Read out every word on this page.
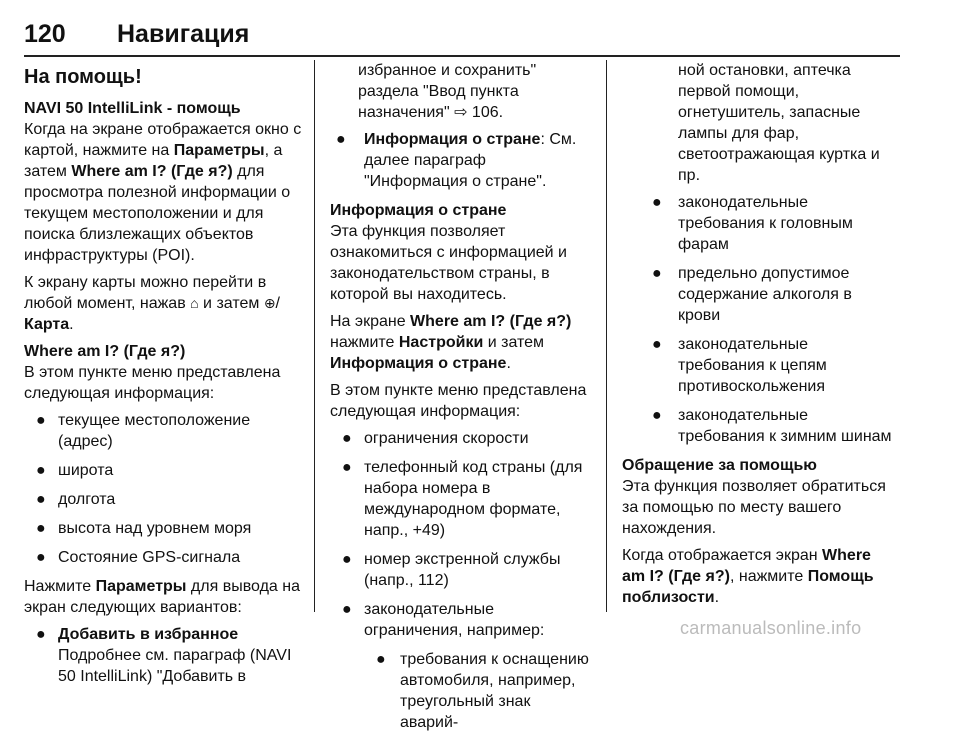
120 Навигация
На помощь!

NAVI 50 IntelliLink - помощь

Когда на экране отображается окно с картой, нажмите на Параметры, а затем Where am I? (Где я?) для просмотра полезной информации о текущем местоположении и для поиска близлежащих объектов инфраструктуры (POI).

К экрану карты можно перейти в любой момент, нажав ⌂ и затем ⊕/ Карта.

Where am I? (Где я?)

В этом пункте меню представлена следующая информация:

● текущее местоположение (адрес)
● широта
● долгота
● высота над уровнем моря
● Состояние GPS-сигнала

Нажмите Параметры для вывода на экран следующих вариантов:

● Добавить в избранное
Подробнее см. параграф (NAVI 50 IntelliLink) "Добавить в

избранное и сохранить" раздела "Ввод пункта назначения" ⇨ 106.

● Информация о стране: См. далее параграф "Информация о стране".

Информация о стране

Эта функция позволяет ознакомиться с информацией и законодательством страны, в которой вы находитесь.

На экране Where am I? (Где я?) нажмите Настройки и затем Информация о стране.

В этом пункте меню представлена следующая информация:

● ограничения скорости
● телефонный код страны (для набора номера в международном формате, напр., +49)
● номер экстренной службы (напр., 112)
● законодательные ограничения, например:
● требования к оснащению автомобиля, например, треугольный знак аварий-

ной остановки, аптечка первой помощи, огнетушитель, запасные лампы для фар, светоотражающая куртка и пр.

●	законодательные требования к головным фарам
●	предельно допустимое содержание алкоголя в крови
●	законодательные требования к цепям противоскольжения
●	законодательные требования к зимним шинам

Обращение за помощью

Эта функция позволяет обратиться за помощью по месту вашего нахождения.

Когда отображается экран Where am I? (Где я?), нажмите Помощь поблизости.

carmanualsonline.info
